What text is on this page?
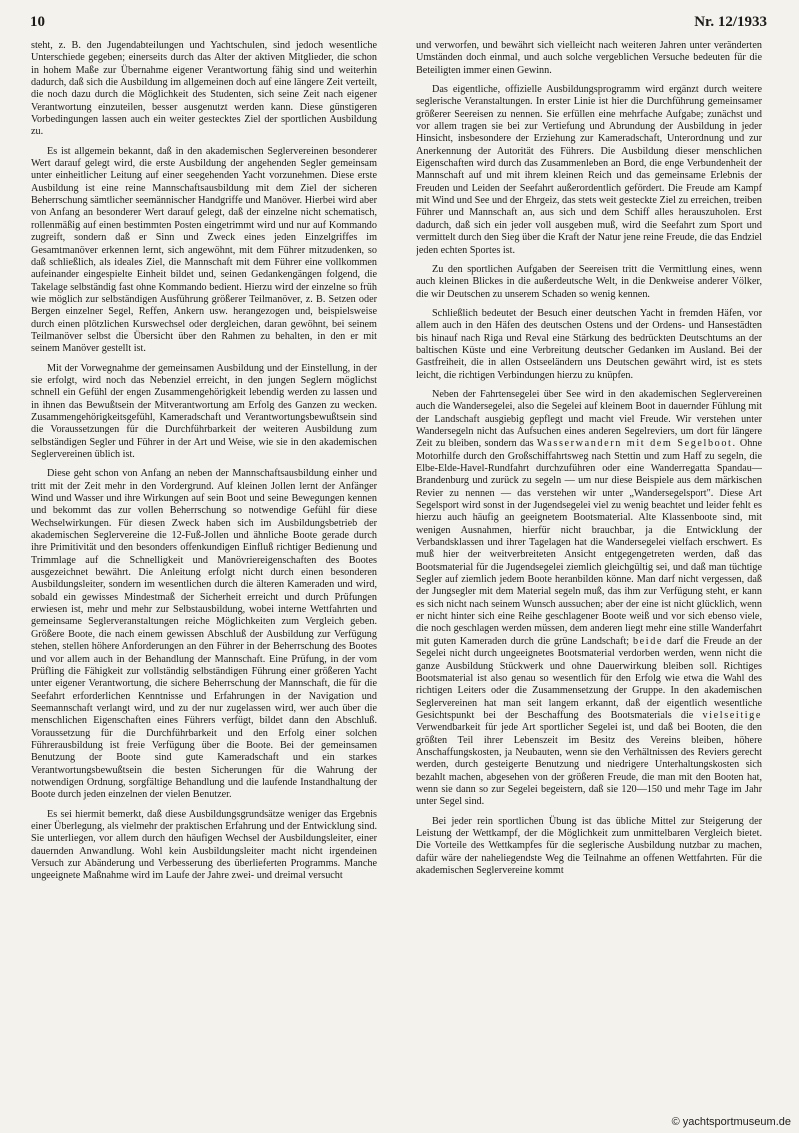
10	Nr. 12/1933

steht, z. B. den Jugendabteilungen und Yachtschulen, sind jedoch wesentliche Unterschiede gegeben; einerseits durch das Alter der aktiven Mitglieder, die schon in hohem Maße zur Übernahme eigener Verantwortung fähig sind und weiterhin dadurch, daß sich die Ausbildung im allgemeinen doch auf eine längere Zeit verteilt, die noch dazu durch die Möglichkeit des Studenten, sich seine Zeit nach eigener Verantwortung einzuteilen, besser ausgenutzt werden kann. Diese günstigeren Vorbedingungen lassen auch ein weiter gestecktes Ziel der sportlichen Ausbildung zu.

Es ist allgemein bekannt, daß in den akademischen Seglervereinen besonderer Wert darauf gelegt wird, die erste Ausbildung der angehenden Segler gemeinsam unter einheitlicher Leitung auf einer seegehenden Yacht vorzunehmen. Diese erste Ausbildung ist eine reine Mannschaftsausbildung mit dem Ziel der sicheren Beherrschung sämtlicher seemännischer Handgriffe und Manöver. Hierbei wird aber von Anfang an besonderer Wert darauf gelegt, daß der einzelne nicht schematisch, rollenmäßig auf einen bestimmten Posten eingetrimmt wird und nur auf Kommando zugreift, sondern daß er Sinn und Zweck eines jeden Einzelgriffes im Gesamtmanöver erkennen lernt, sich angewöhnt, mit dem Führer mitzudenken, so daß schließlich, als ideales Ziel, die Mannschaft mit dem Führer eine vollkommen aufeinander eingespielte Einheit bildet und, seinen Gedankengängen folgend, die Takelage selbständig fast ohne Kommando bedient. Hierzu wird der einzelne so früh wie möglich zur selbständigen Ausführung größerer Teilmanöver, z. B. Setzen oder Bergen einzelner Segel, Reffen, Ankern usw. herangezogen und, beispielsweise durch einen plötzlichen Kurswechsel oder dergleichen, daran gewöhnt, bei seinem Teilmanöver selbst die Übersicht über den Rahmen zu behalten, in den er mit seinem Manöver gestellt ist.

Mit der Vorwegnahme der gemeinsamen Ausbildung und der Einstellung, in der sie erfolgt, wird noch das Nebenziel erreicht, in den jungen Seglern möglichst schnell ein Gefühl der engen Zusammengehörigkeit lebendig werden zu lassen und in ihnen das Bewußtsein der Mitverantwortung am Erfolg des Ganzen zu wecken. Zusammengehörigkeitsgefühl, Kameradschaft und Verantwortungsbewußtsein sind die Voraussetzungen für die Durchführbarkeit der weiteren Ausbildung zum selbständigen Segler und Führer in der Art und Weise, wie sie in den akademischen Seglervereinen üblich ist.

Diese geht schon von Anfang an neben der Mannschaftsausbildung einher und tritt mit der Zeit mehr in den Vordergrund. Auf kleinen Jollen lernt der Anfänger Wind und Wasser und ihre Wirkungen auf sein Boot und seine Bewegungen kennen und bekommt das zur vollen Beherrschung so notwendige Gefühl für diese Wechselwirkungen. Für diesen Zweck haben sich im Ausbildungsbetrieb der akademischen Seglervereine die 12-Fuß-Jollen und ähnliche Boote gerade durch ihre Primitivität und den besonders offenkundigen Einfluß richtiger Bedienung und Trimmlage auf die Schnelligkeit und Manövriereigenschaften des Bootes ausgezeichnet bewährt. Die Anleitung erfolgt nicht durch einen besonderen Ausbildungsleiter, sondern im wesentlichen durch die älteren Kameraden und wird, sobald ein gewisses Mindestmaß der Sicherheit erreicht und durch Prüfungen erwiesen ist, mehr und mehr zur Selbstausbildung, wobei interne Wettfahrten und gemeinsame Seglerveranstaltungen reiche Möglichkeiten zum Vergleich geben. Größere Boote, die nach einem gewissen Abschluß der Ausbildung zur Verfügung stehen, stellen höhere Anforderungen an den Führer in der Beherrschung des Bootes und vor allem auch in der Behandlung der Mannschaft. Eine Prüfung, in der vom Prüfling die Fähigkeit zur vollständig selbständigen Führung einer größeren Yacht unter eigener Verantwortung, die sichere Beherrschung der Mannschaft, die für die Seefahrt erforderlichen Kenntnisse und Erfahrungen in der Navigation und Seemannschaft verlangt wird, und zu der nur zugelassen wird, wer auch über die menschlichen Eigenschaften eines Führers verfügt, bildet dann den Abschluß. Voraussetzung für die Durchführbarkeit und den Erfolg einer solchen Führerausbildung ist freie Verfügung über die Boote. Bei der gemeinsamen Benutzung der Boote sind gute Kameradschaft und ein starkes Verantwortungsbewußtsein die besten Sicherungen für die Wahrung der notwendigen Ordnung, sorgfältige Behandlung und die laufende Instandhaltung der Boote durch jeden einzelnen der vielen Benutzer.

Es sei hiermit bemerkt, daß diese Ausbildungsgrundsätze weniger das Ergebnis einer Überlegung, als vielmehr der praktischen Erfahrung und der Entwicklung sind. Sie unterliegen, vor allem durch den häufigen Wechsel der Ausbildungsleiter, einer dauernden Anwandlung. Wohl kein Ausbildungsleiter macht nicht irgendeinen Versuch zur Abänderung und Verbesserung des überlieferten Programms. Manche ungeeignete Maßnahme wird im Laufe der Jahre zwei- und dreimal versucht

und verworfen, und bewährt sich vielleicht nach weiteren Jahren unter veränderten Umständen doch einmal, und auch solche vergeblichen Versuche bedeuten für die Beteiligten immer einen Gewinn.

Das eigentliche, offizielle Ausbildungsprogramm wird ergänzt durch weitere seglerische Veranstaltungen. In erster Linie ist hier die Durchführung gemeinsamer größerer Seereisen zu nennen. Sie erfüllen eine mehrfache Aufgabe; zunächst und vor allem tragen sie bei zur Vertiefung und Abrundung der Ausbildung in jeder Hinsicht, insbesondere der Erziehung zur Kameradschaft, Unterordnung und zur Anerkennung der Autorität des Führers. Die Ausbildung dieser menschlichen Eigenschaften wird durch das Zusammenleben an Bord, die enge Verbundenheit der Mannschaft auf und mit ihrem kleinen Reich und das gemeinsame Erlebnis der Freuden und Leiden der Seefahrt außerordentlich gefördert. Die Freude am Kampf mit Wind und See und der Ehrgeiz, das stets weit gesteckte Ziel zu erreichen, treiben Führer und Mannschaft an, aus sich und dem Schiff alles herauszuholen. Erst dadurch, daß sich ein jeder voll ausgeben muß, wird die Seefahrt zum Sport und vermittelt durch den Sieg über die Kraft der Natur jene reine Freude, die das Endziel jeden echten Sportes ist.

Zu den sportlichen Aufgaben der Seereisen tritt die Vermittlung eines, wenn auch kleinen Blickes in die außerdeutsche Welt, in die Denkweise anderer Völker, die wir Deutschen zu unserem Schaden so wenig kennen.

Schließlich bedeutet der Besuch einer deutschen Yacht in fremden Häfen, vor allem auch in den Häfen des deutschen Ostens und der Ordens- und Hansestädten bis hinauf nach Riga und Reval eine Stärkung des bedrückten Deutschtums an der baltischen Küste und eine Verbreitung deutscher Gedanken im Ausland. Bei der Gastfreiheit, die in allen Ostseeländern uns Deutschen gewährt wird, ist es stets leicht, die richtigen Verbindungen hierzu zu knüpfen.

Neben der Fahrtensegelei über See wird in den akademischen Seglervereinen auch die Wandersegelei, also die Segelei auf kleinem Boot in dauernder Fühlung mit der Landschaft ausgiebig gepflegt und macht viel Freude. Wir verstehen unter Wandersegeln nicht das Aufsuchen eines anderen Segelreviers, um dort für längere Zeit zu bleiben, sondern das Wasserwandern mit dem Segelboot. Ohne Motorhilfe durch den Großschiffahrtsweg nach Stettin und zum Haff zu segeln, die Elbe-Elde-Havel-Rundfahrt durchzuführen oder eine Wanderregatta Spandau—Brandenburg und zurück zu segeln — um nur diese Beispiele aus dem märkischen Revier zu nennen — das verstehen wir unter „Wandersegelsport". Diese Art Segelsport wird sonst in der Jugendsegelei viel zu wenig beachtet und leider fehlt es hierzu auch häufig an geeignetem Bootsmaterial. Alte Klassenboote sind, mit wenigen Ausnahmen, hierfür nicht brauchbar, ja die Entwicklung der Verbandsklassen und ihrer Tagelagen hat die Wandersegelei vielfach erschwert. Es muß hier der weitverbreiteten Ansicht entgegengetreten werden, daß das Bootsmaterial für die Jugendsegelei ziemlich gleichgültig sei, und daß man tüchtige Segler auf ziemlich jedem Boote heranbilden könne. Man darf nicht vergessen, daß der Jungsegler mit dem Material segeln muß, das ihm zur Verfügung steht, er kann es sich nicht nach seinem Wunsch aussuchen; aber der eine ist nicht glücklich, wenn er nicht hinter sich eine Reihe geschlagener Boote weiß und vor sich ebenso viele, die noch geschlagen werden müssen, dem anderen liegt mehr eine stille Wanderfahrt mit guten Kameraden durch die grüne Landschaft; beide darf die Freude an der Segelei nicht durch ungeeignetes Bootsmaterial verdorben werden, wenn nicht die ganze Ausbildung Stückwerk und ohne Dauerwirkung bleiben soll. Richtiges Bootsmaterial ist also genau so wesentlich für den Erfolg wie etwa die Wahl des richtigen Leiters oder die Zusammensetzung der Gruppe. In den akademischen Seglervereinen hat man seit langem erkannt, daß der eigentlich wesentliche Gesichtspunkt bei der Beschaffung des Bootsmaterials die vielseitige Verwendbarkeit für jede Art sportlicher Segelei ist, und daß bei Booten, die den größten Teil ihrer Lebenszeit im Besitz des Vereins bleiben, höhere Anschaffungskosten, ja Neubauten, wenn sie den Verhältnissen des Reviers gerecht werden, durch gesteigerte Benutzung und niedrigere Unterhaltungskosten sich bezahlt machen, abgesehen von der größeren Freude, die man mit den Booten hat, wenn sie dann so zur Segelei begeistern, daß sie 120—150 und mehr Tage im Jahr unter Segel sind.

Bei jeder rein sportlichen Übung ist das übliche Mittel zur Steigerung der Leistung der Wettkampf, der die Möglichkeit zum unmittelbaren Vergleich bietet. Die Vorteile des Wettkampfes für die seglerische Ausbildung nutzbar zu machen, dafür wäre der naheliegendste Weg die Teilnahme an offenen Wettfahrten. Für die akademischen Seglervereine kommt

© yachtsportmuseum.de
